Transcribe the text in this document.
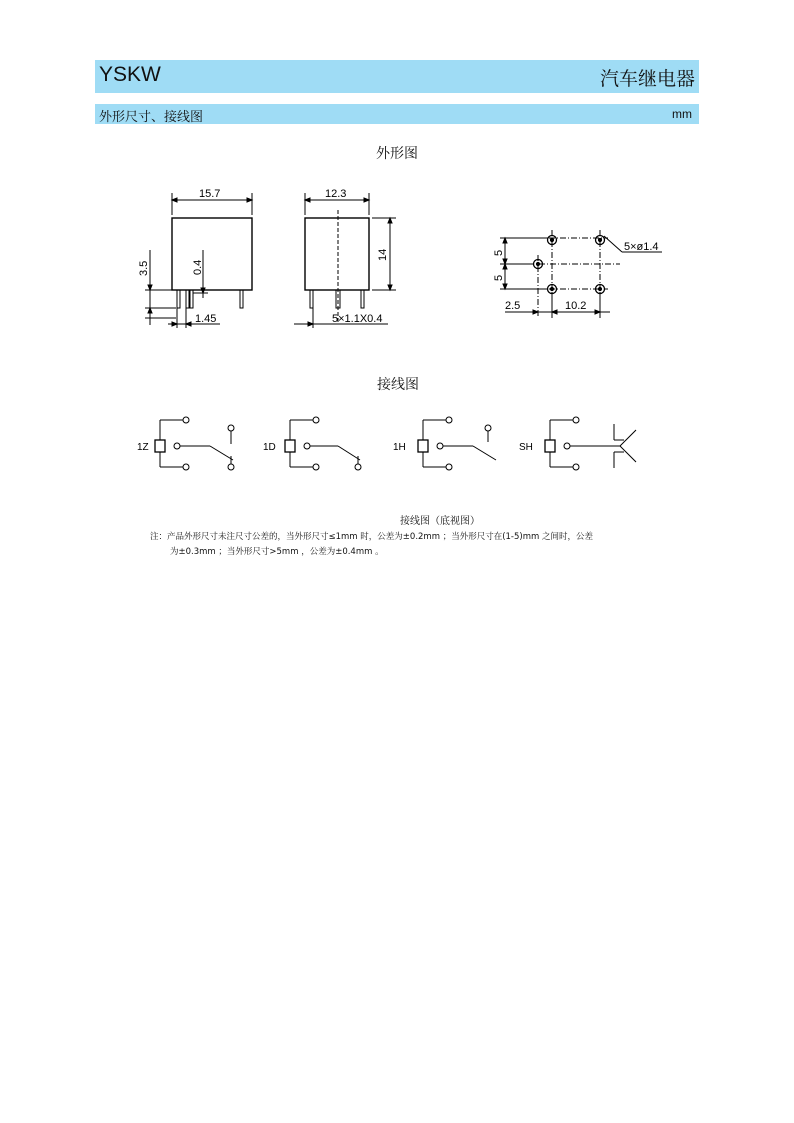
YSKW	汽车继电器
外形尺寸、接线图	mm
外形图
接线图
15.7	12.3
14
3.5	0.4
1.45	5×1.1X0.4
5×ø1.4
5
5
2.5	10.2
1Z	1D	1H	SH
接线图（底视图）
注：产品外形尺寸未注尺寸公差的，当外形尺寸≤1mm 时，公差为±0.2mm ；当外形尺寸在(1-5)mm 之间时，公差
为±0.3mm ；当外形尺寸>5mm ，公差为±0.4mm 。
